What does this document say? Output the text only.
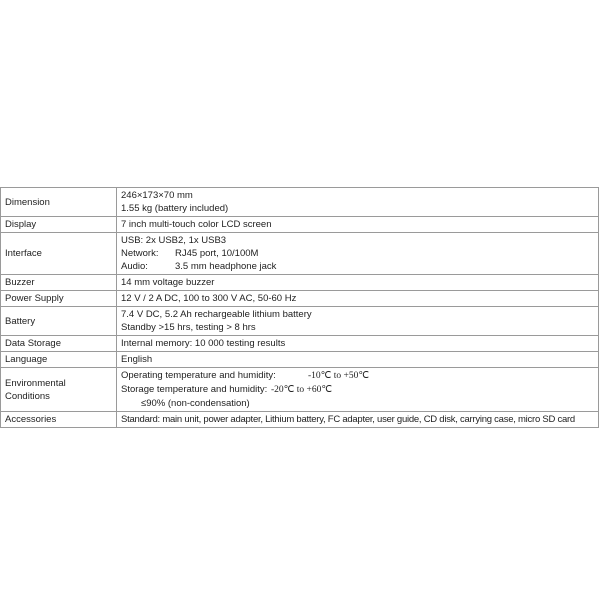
Dimension	246×173×70 mm
1.55 kg (battery included)

Display	7 inch multi-touch color LCD screen
Interface	USB: 2x USB2, 1x USB3
Network: RJ45 port, 10/100M
Audio: 3.5 mm headphone jack

Buzzer	14 mm voltage buzzer
Power Supply	12 V / 2 A DC, 100 to 300 V AC, 50-60 Hz
Battery	7.4 V DC, 5.2 Ah rechargeable lithium battery
Standby >15 hrs, testing > 8 hrs

Data Storage	Internal memory: 10 000 testing results
Language	English
Environmental Conditions	Operating temperature and humidity: -10℃ to +50℃
Storage temperature and humidity: -20℃ to +60℃
≤90% (non-condensation)

Accessories	Standard: main unit, power adapter, Lithium battery, FC adapter, user guide, CD disk, carrying case, micro SD card
